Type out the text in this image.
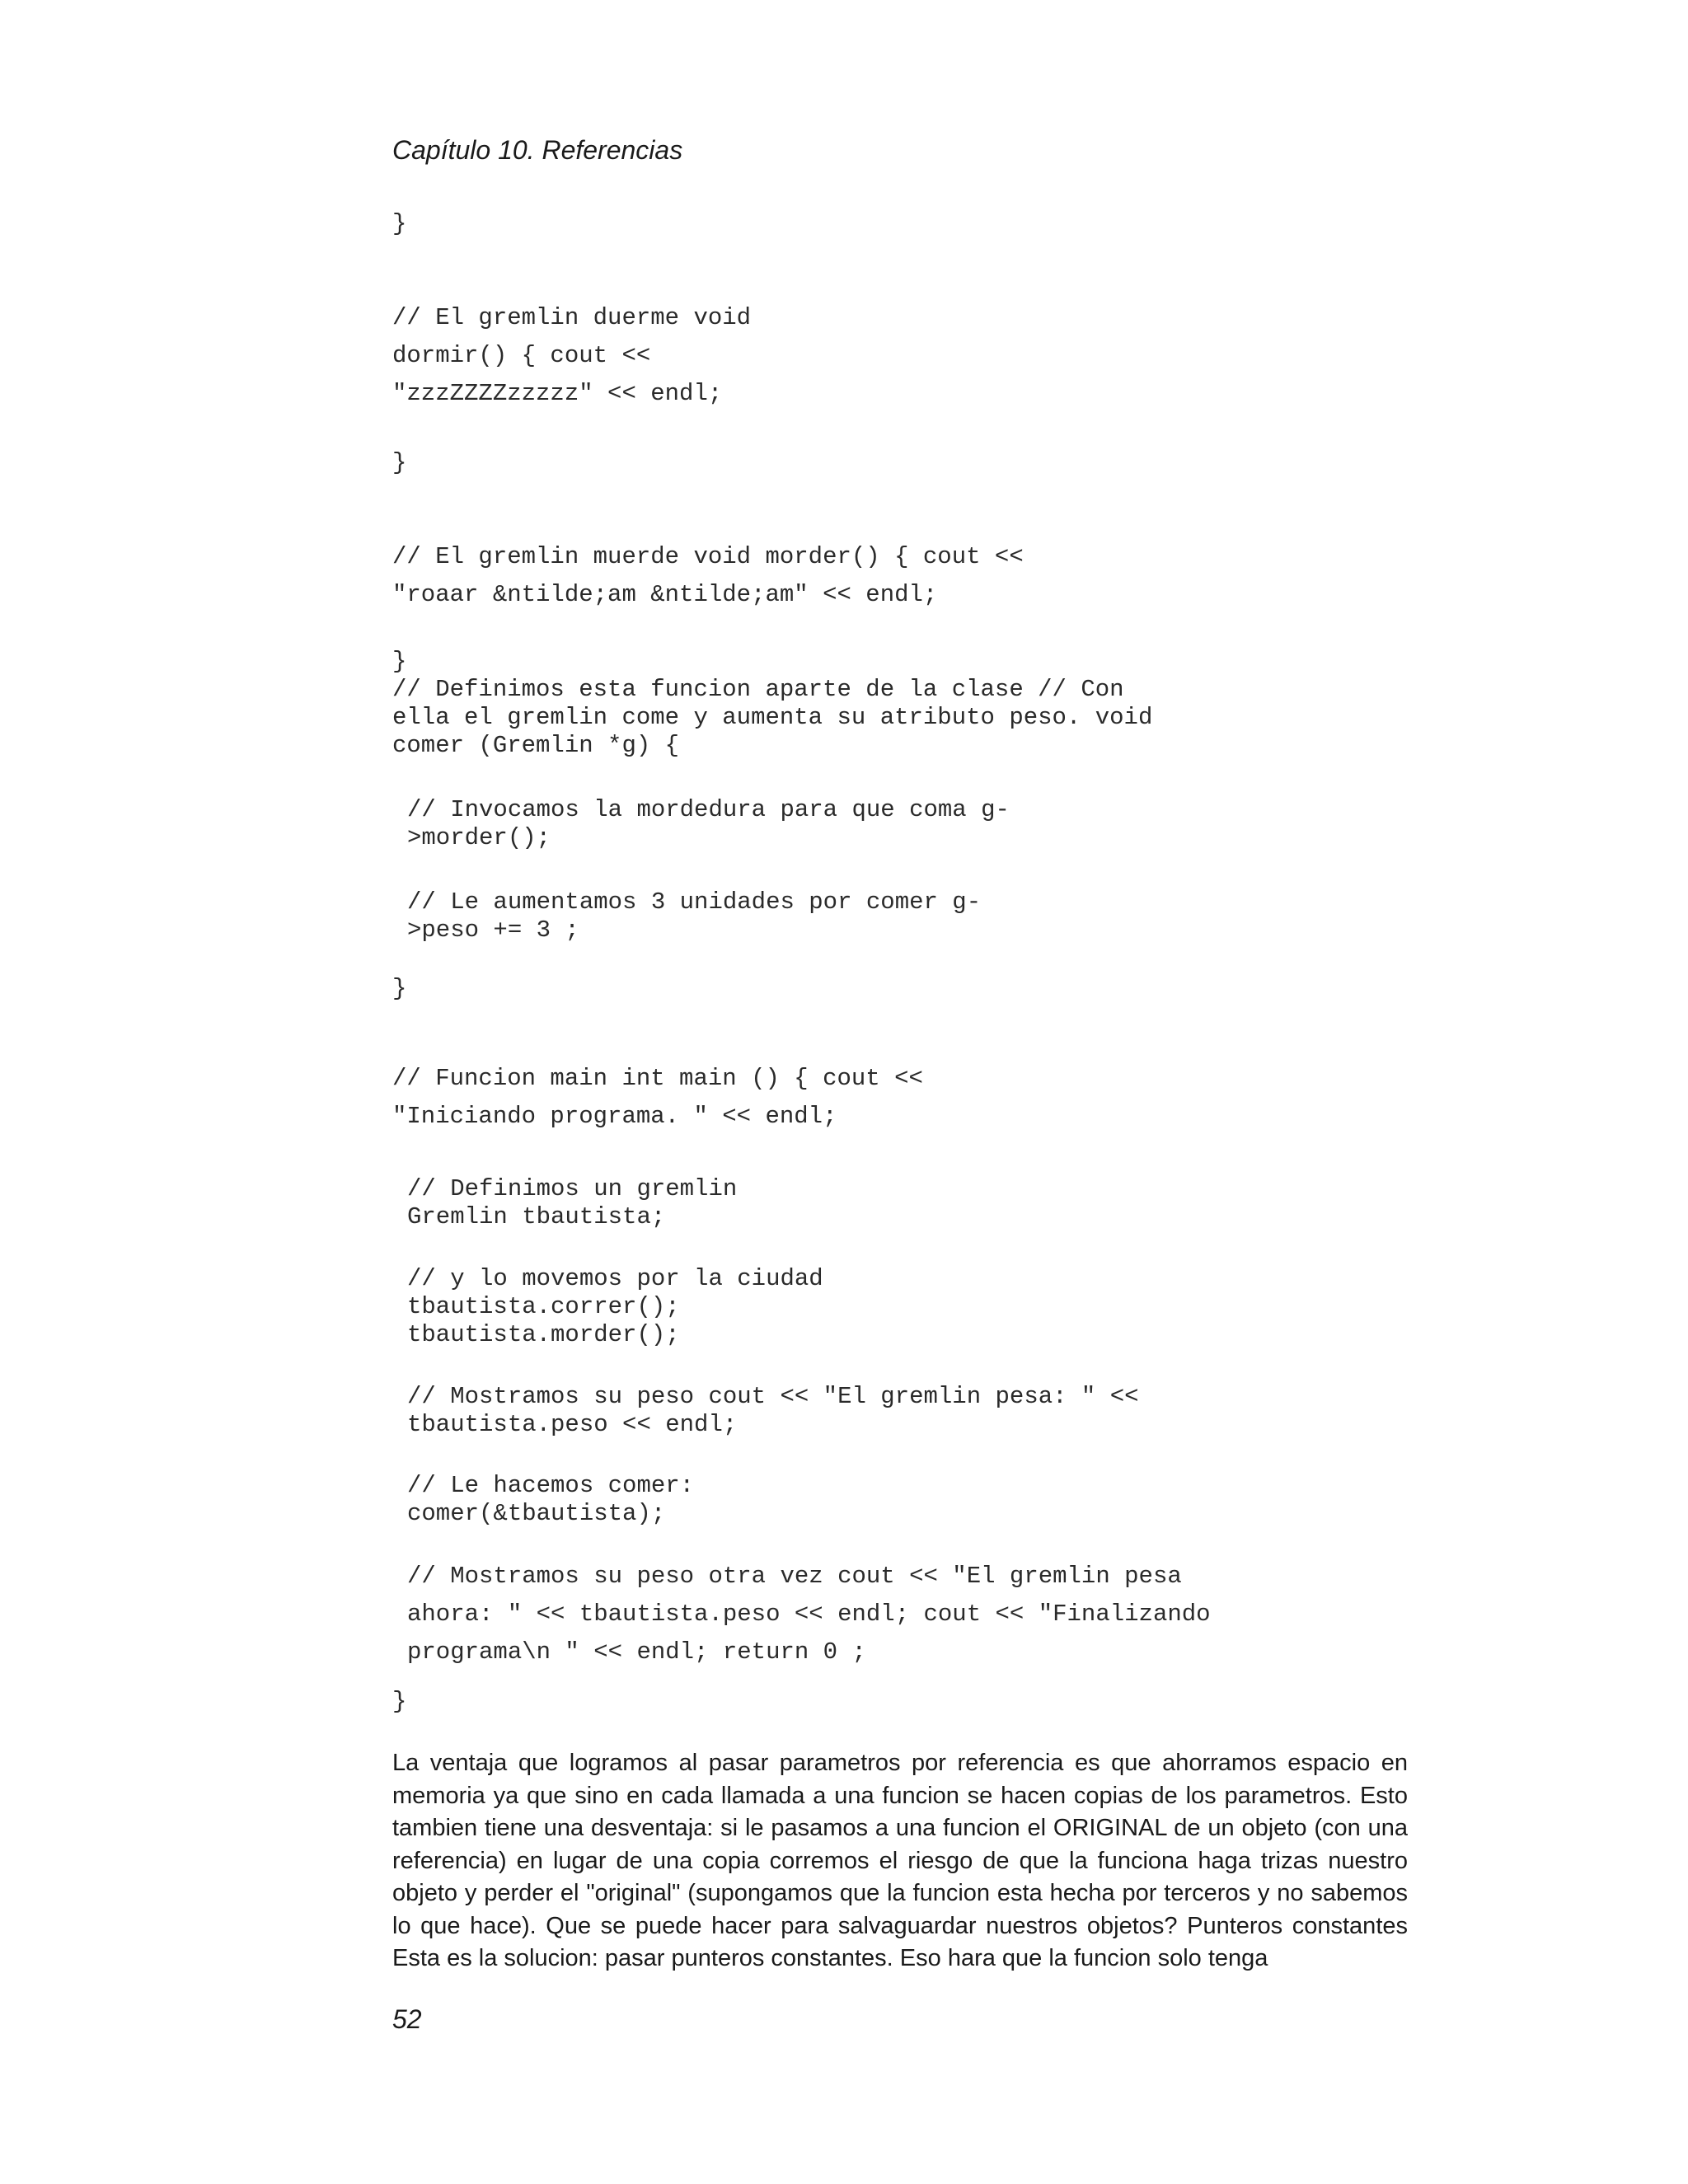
Capítulo 10. Referencias
}
// El gremlin duerme void
dormir() { cout <<
"zzzZZZZzzzzz" << endl;
}
// El gremlin muerde void morder() { cout <<
"roaar &ntilde;am &ntilde;am" << endl;
}
// Definimos esta funcion aparte de la clase // Con
ella el gremlin come y aumenta su atributo peso. void
comer (Gremlin *g) {
// Invocamos la mordedura para que coma g-
>morder();
// Le aumentamos 3 unidades por comer g-
>peso += 3 ;
}
// Funcion main int main () { cout <<
"Iniciando programa. " << endl;
// Definimos un gremlin
Gremlin tbautista;
// y lo movemos por la ciudad
tbautista.correr();
tbautista.morder();
// Mostramos su peso cout << "El gremlin pesa: " <<
tbautista.peso << endl;
// Le hacemos comer:
comer(&tbautista);
// Mostramos su peso otra vez cout << "El gremlin pesa
ahora: " << tbautista.peso << endl; cout << "Finalizando
programa\n " << endl; return 0 ;
}

La ventaja que logramos al pasar parametros por referencia es que ahorramos espacio en memoria ya que sino en cada llamada a una funcion se hacen copias de los parametros. Esto tambien tiene una desventaja: si le pasamos a una funcion el ORIGINAL de un objeto (con una referencia) en lugar de una copia corremos el riesgo de que la funciona haga trizas nuestro objeto y perder el "original" (supongamos que la funcion esta hecha por terceros y no sabemos lo que hace). Que se puede hacer para salvaguardar nuestros objetos? Punteros constantes Esta es la solucion: pasar punteros constantes. Eso hara que la funcion solo tenga

52
